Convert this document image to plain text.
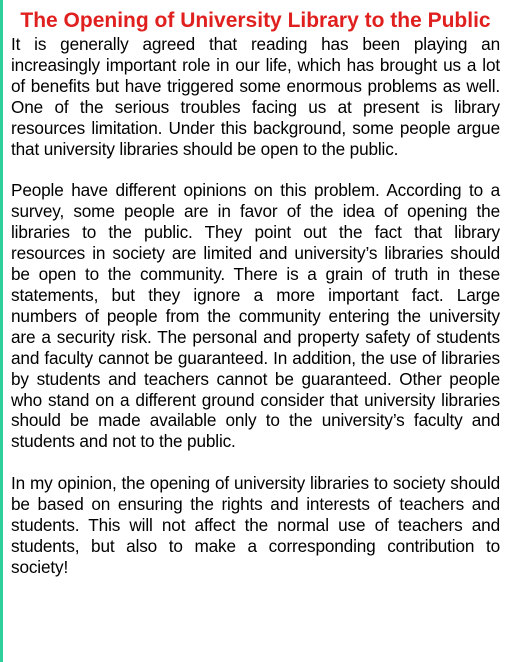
The Opening of University Library to the Public

It is generally agreed that reading has been playing an increasingly important role in our life, which has brought us a lot of benefits but have triggered some enormous problems as well. One of the serious troubles facing us at present is library resources limitation. Under this background, some people argue that university libraries should be open to the public.

People have different opinions on this problem. According to a survey, some people are in favor of the idea of opening the libraries to the public. They point out the fact that library resources in society are limited and university’s libraries should be open to the community. There is a grain of truth in these statements, but they ignore a more important fact. Large numbers of people from the community entering the university are a security risk. The personal and property safety of students and faculty cannot be guaranteed. In addition, the use of libraries by students and teachers cannot be guaranteed. Other people who stand on a different ground consider that university libraries should be made available only to the university’s faculty and students and not to the public.

In my opinion, the opening of university libraries to society should be based on ensuring the rights and interests of teachers and students. This will not affect the normal use of teachers and students, but also to make a corresponding contribution to society!
